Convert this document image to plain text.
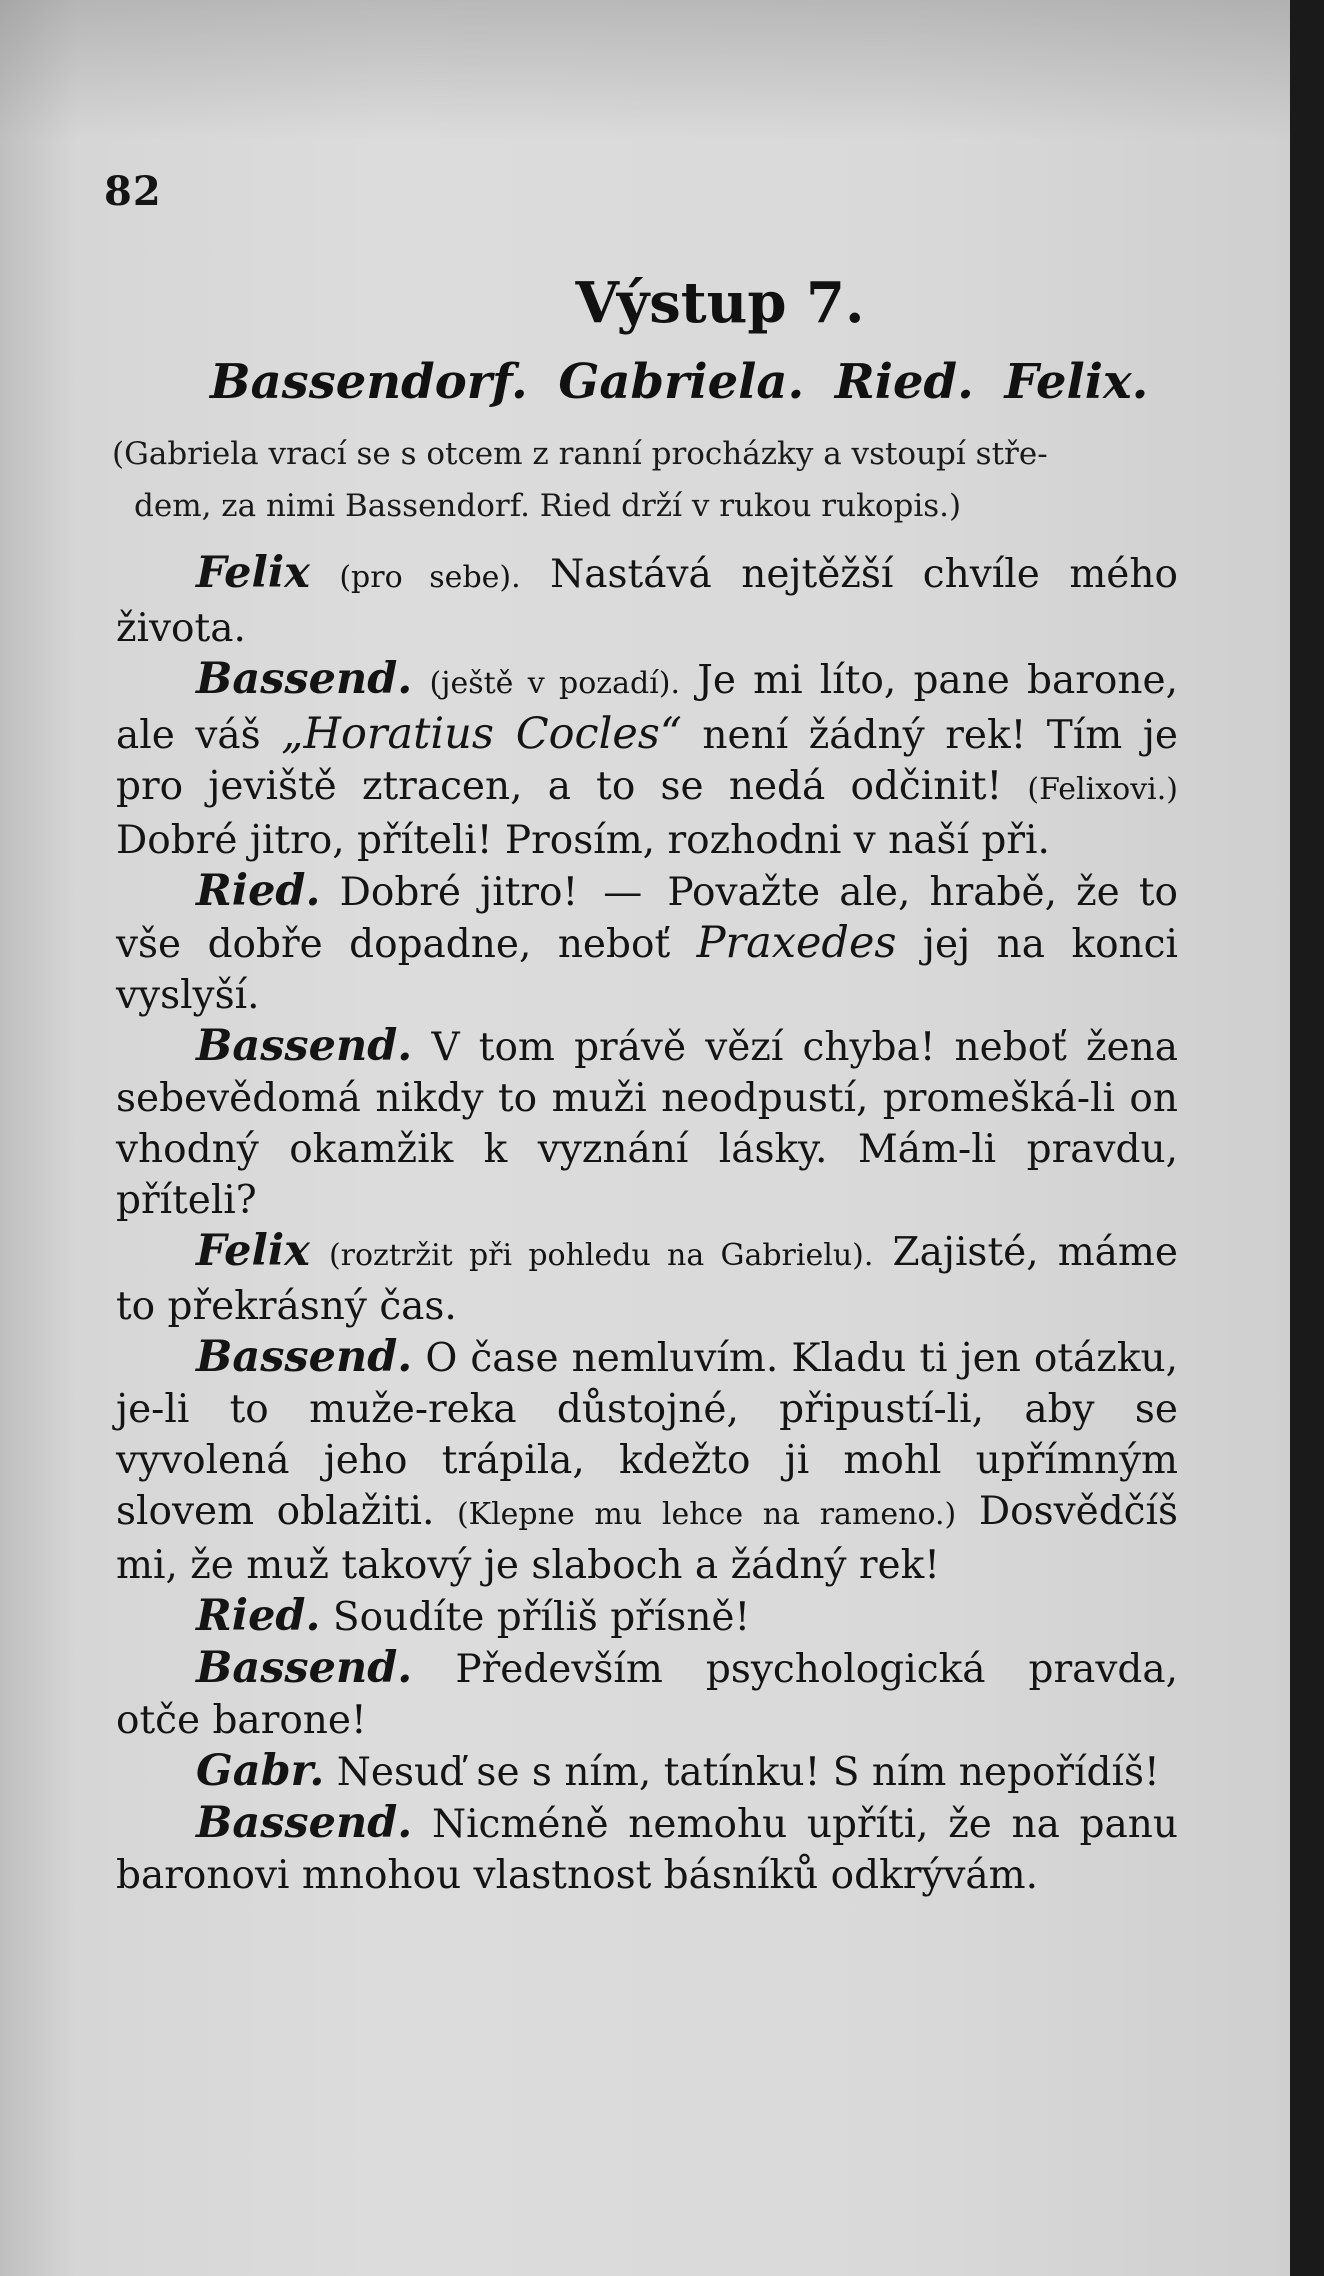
82
Výstup 7.
Bassendorf. Gabriela. Ried. Felix.
(Gabriela vrací se s otcem z ranní procházky a vstoupí stře-
dem, za nimi Bassendorf. Ried drží v rukou rukopis.)

Felix (pro sebe). Nastává nejtěžší chvíle mého života.

Bassend. (ještě v pozadí). Je mi líto, pane barone, ale váš „Horatius Cocles“ není žádný rek! Tím je pro jeviště ztracen, a to se nedá odčinit! (Felixovi.) Dobré jitro, příteli! Prosím, rozhodni v naší při.

Ried. Dobré jitro! — Považte ale, hrabě, že to vše dobře dopadne, neboť Praxedes jej na konci vyslyší.

Bassend. V tom právě vězí chyba! neboť žena sebevědomá nikdy to muži neodpustí, promešká-li on vhodný okamžik k vyznání lásky. Mám-li pravdu, příteli?

Felix (roztržit při pohledu na Gabrielu). Zajisté, máme to překrásný čas.

Bassend. O čase nemluvím. Kladu ti jen otázku, je-li to muže-reka důstojné, připustí-li, aby se vyvolená jeho trápila, kdežto ji mohl upřímným slovem oblažiti. (Klepne mu lehce na rameno.) Dosvědčíš mi, že muž takový je slaboch a žádný rek!

Ried. Soudíte příliš přísně!

Bassend. Především psychologická pravda, otče barone!

Gabr. Nesuď se s ním, tatínku! S ním nepořídíš!

Bassend. Nicméně nemohu upříti, že na panu baronovi mnohou vlastnost básníků odkrývám.
